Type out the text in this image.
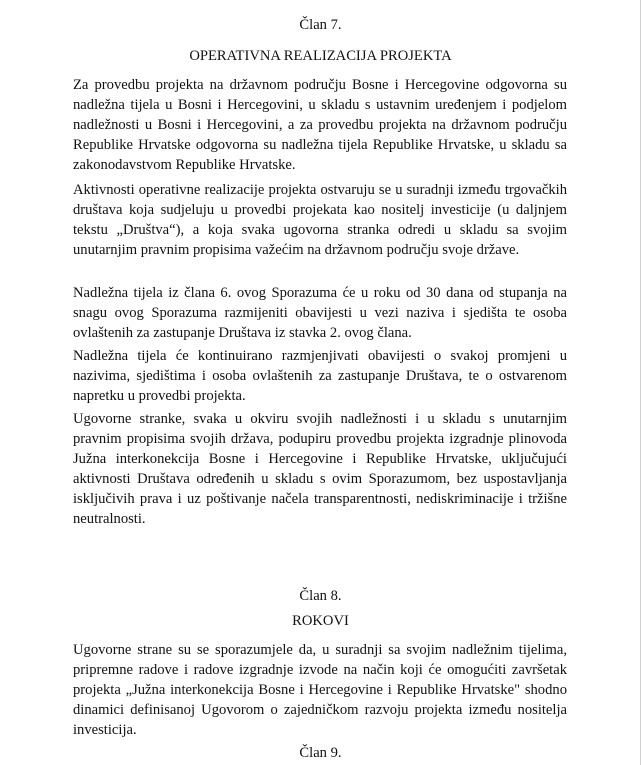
Član 7.

OPERATIVNA REALIZACIJA PROJEKTA

Za provedbu projekta na državnom području Bosne i Hercegovine odgovorna su nadležna tijela u Bosni i Hercegovini, u skladu s ustavnim uređenjem i podjelom nadležnosti u Bosni i Hercegovini, a za provedbu projekta na državnom području Republike Hrvatske odgovorna su nadležna tijela Republike Hrvatske, u skladu sa zakonodavstvom Republike Hrvatske.

Aktivnosti operativne realizacije projekta ostvaruju se u suradnji između trgovačkih društava koja sudjeluju u provedbi projekata kao nositelj investicije (u daljnjem tekstu „Društva“), a koja svaka ugovorna stranka odredi u skladu sa svojim unutarnjim pravnim propisima važećim na državnom području svoje države.

Nadležna tijela iz člana 6. ovog Sporazuma će u roku od 30 dana od stupanja na snagu ovog Sporazuma razmijeniti obavijesti u vezi naziva i sjedišta te osoba ovlaštenih za zastupanje Društava iz stavka 2. ovog člana.

Nadležna tijela će kontinuirano razmjenjivati obavijesti o svakoj promjeni u nazivima, sjedištima i osoba ovlaštenih za zastupanje Društava, te o ostvarenom napretku u provedbi projekta.

Ugovorne stranke, svaka u okviru svojih nadležnosti i u skladu s unutarnjim pravnim propisima svojih država, podupiru provedbu projekta izgradnje plinovoda Južna interkonekcija Bosne i Hercegovine i Republike Hrvatske, uključujući aktivnosti Društava određenih u skladu s ovim Sporazumom, bez uspostavljanja isključivih prava i uz poštivanje načela transparentnosti, nediskriminacije i tržišne neutralnosti.

Član 8.

ROKOVI

Ugovorne strane su se sporazumjele da, u suradnji sa svojim nadležnim tijelima, pripremne radove i radove izgradnje izvode na način koji će omogućiti završetak projekta „Južna interkonekcija Bosne i Hercegovine i Republike Hrvatske" shodno dinamici definisanoj Ugovorom o zajedničkom razvoju projekta između nositelja investicija.

Član 9.
